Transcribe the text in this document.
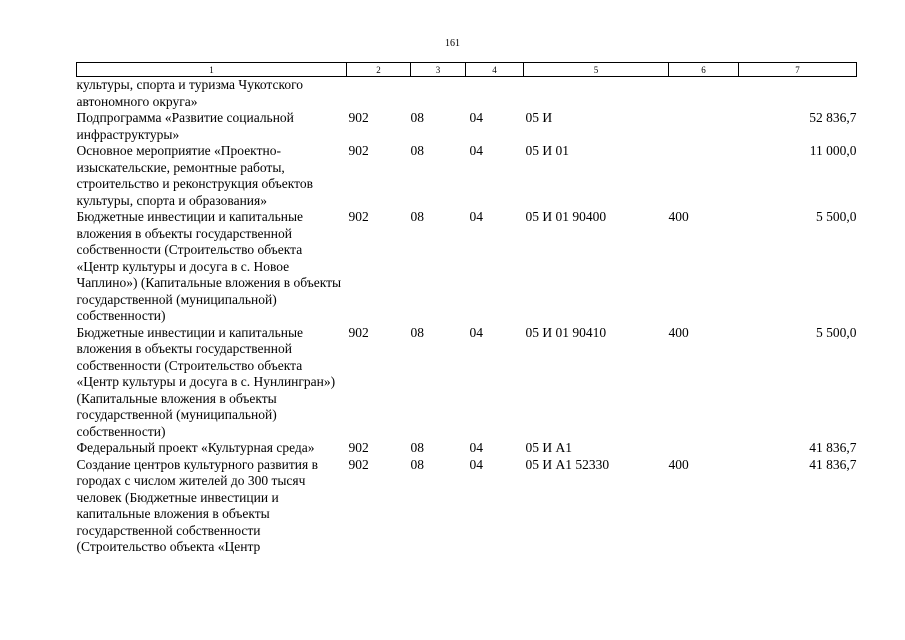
161
1	2	3	4	5	6	7
культуры, спорта и туризма Чукотского автономного округа»						
Подпрограмма «Развитие социальной инфраструктуры»	902	08	04	05 И		52 836,7
Основное мероприятие «Проектно-изыскательские, ремонтные работы, строительство и реконструкция объектов культуры, спорта и образования»	902	08	04	05 И 01		11 000,0
Бюджетные инвестиции и капитальные вложения в объекты государственной собственности (Строительство объекта «Центр культуры и досуга в с. Новое Чаплино») (Капитальные вложения в объекты государственной (муниципальной) собственности)	902	08	04	05 И 01 90400	400	5 500,0
Бюджетные инвестиции и капитальные вложения в объекты государственной собственности (Строительство объекта «Центр культуры и досуга в с. Нунлингран») (Капитальные вложения в объекты государственной (муниципальной) собственности)	902	08	04	05 И 01 90410	400	5 500,0
Федеральный проект «Культурная среда»	902	08	04	05 И А1		41 836,7
Создание центров культурного развития в городах с числом жителей до 300 тысяч человек (Бюджетные инвестиции и капитальные вложения в объекты государственной собственности (Строительство объекта «Центр	902	08	04	05 И А1 52330	400	41 836,7
